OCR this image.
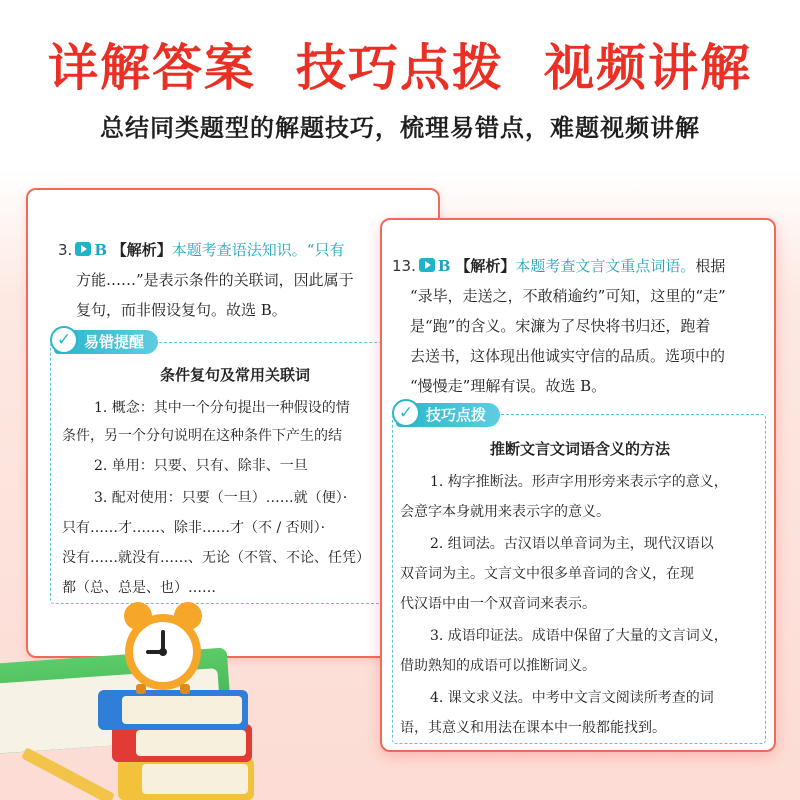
详解答案 技巧点拨 视频讲解
总结同类题型的解题技巧，梳理易错点，难题视频讲解
3. B 【解析】本题考查语法知识。“只有
方能……”是表示条件的关联词，因此属于
复句，而非假设复句。故选 B。
✓ 易错提醒
条件复句及常用关联词
1. 概念：其中一个分句提出一种假设的情
条件，另一个分句说明在这种条件下产生的结
2. 单用：只要、只有、除非、一旦
3. 配对使用：只要（一旦）……就（便）·
只有……才……、除非……才（不 / 否则）·
没有……就没有……、无论（不管、不论、任凭）
都（总、总是、也）……
13. B 【解析】本题考查文言文重点词语。根据
“录毕，走送之，不敢稍逾约”可知，这里的“走”
是“跑”的含义。宋濂为了尽快将书归还，跑着
去送书，这体现出他诚实守信的品质。选项中的
“慢慢走”理解有误。故选 B。
✓ 技巧点拨
推断文言文词语含义的方法
1. 构字推断法。形声字用形旁来表示字的意义，
会意字本身就用来表示字的意义。
2. 组词法。古汉语以单音词为主，现代汉语以
双音词为主。文言文中很多单音词的含义，在现
代汉语中由一个双音词来表示。
3. 成语印证法。成语中保留了大量的文言词义，
借助熟知的成语可以推断词义。
4. 课文求义法。中考中文言文阅读所考查的词
语，其意义和用法在课本中一般都能找到。
